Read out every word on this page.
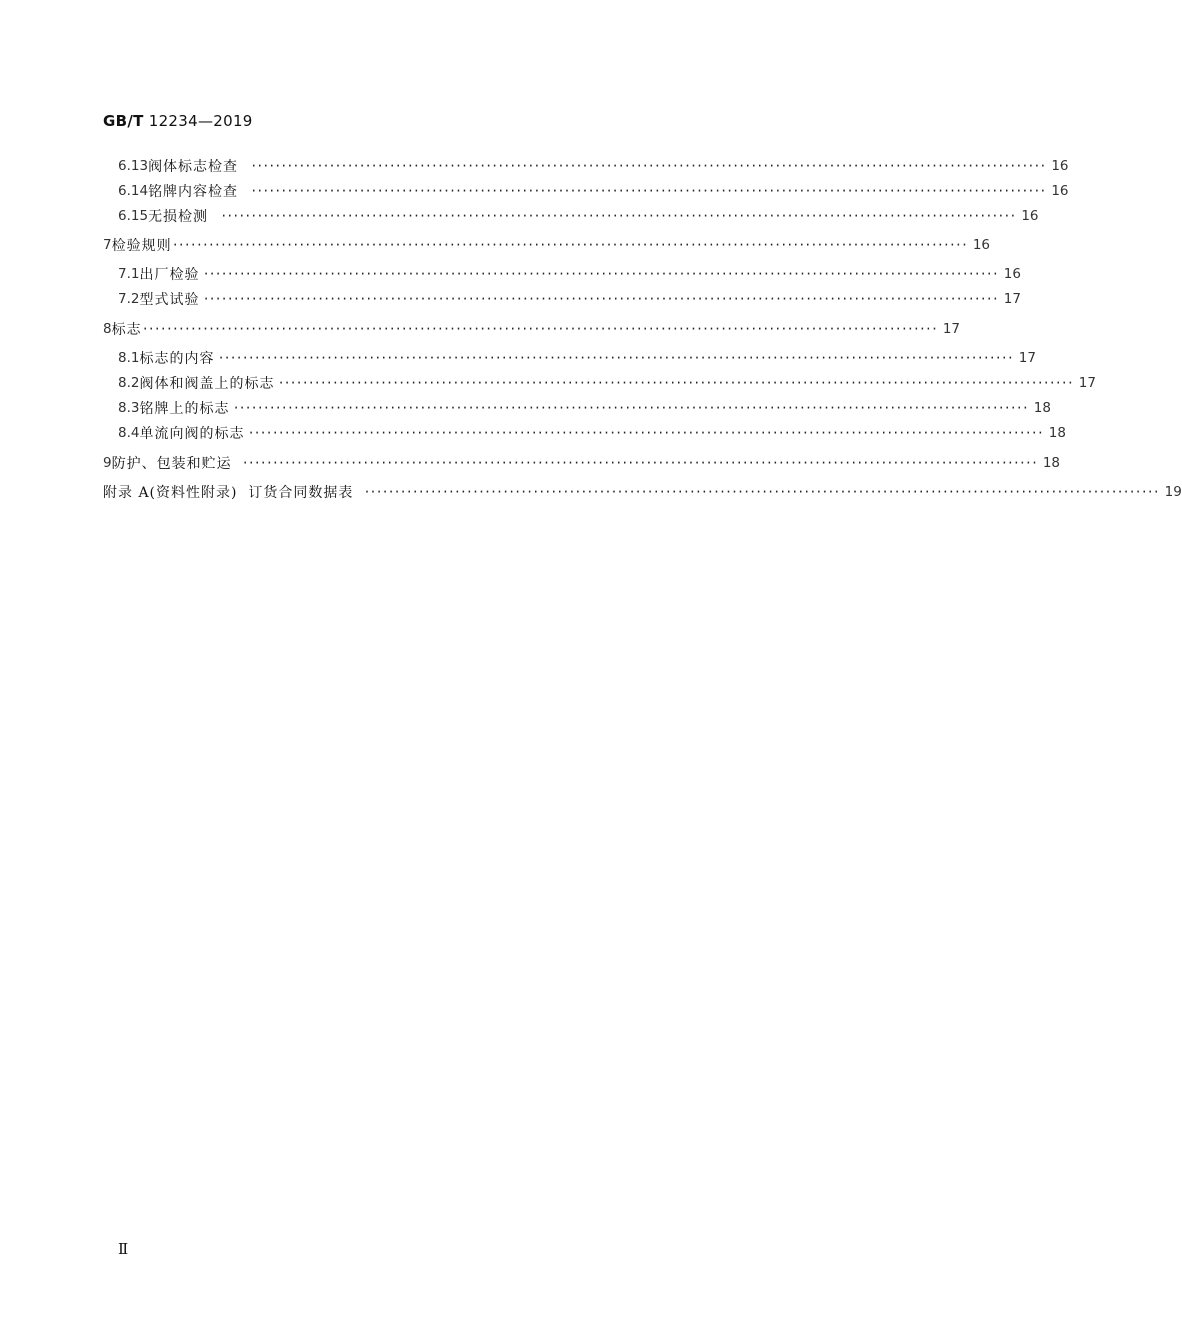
GB/T 12234—2019
6.13 阀体标志检查 ···································································································································· 16
6.14 铭牌内容检查 ···································································································································· 16
6.15 无损检测 ···································································································································· 16
7 检验规则 ···································································································································· 16
7.1 出厂检验 ···································································································································· 16
7.2 型式试验 ···································································································································· 17
8 标志 ···································································································································· 17
8.1 标志的内容 ···································································································································· 17
8.2 阀体和阀盖上的标志 ···································································································································· 17
8.3 铭牌上的标志 ···································································································································· 18
8.4 单流向阀的标志 ···································································································································· 18
9 防护、包装和贮运 ···································································································································· 18
附录 A(资料性附录)  订货合同数据表 ···································································································································· 19
Ⅱ
